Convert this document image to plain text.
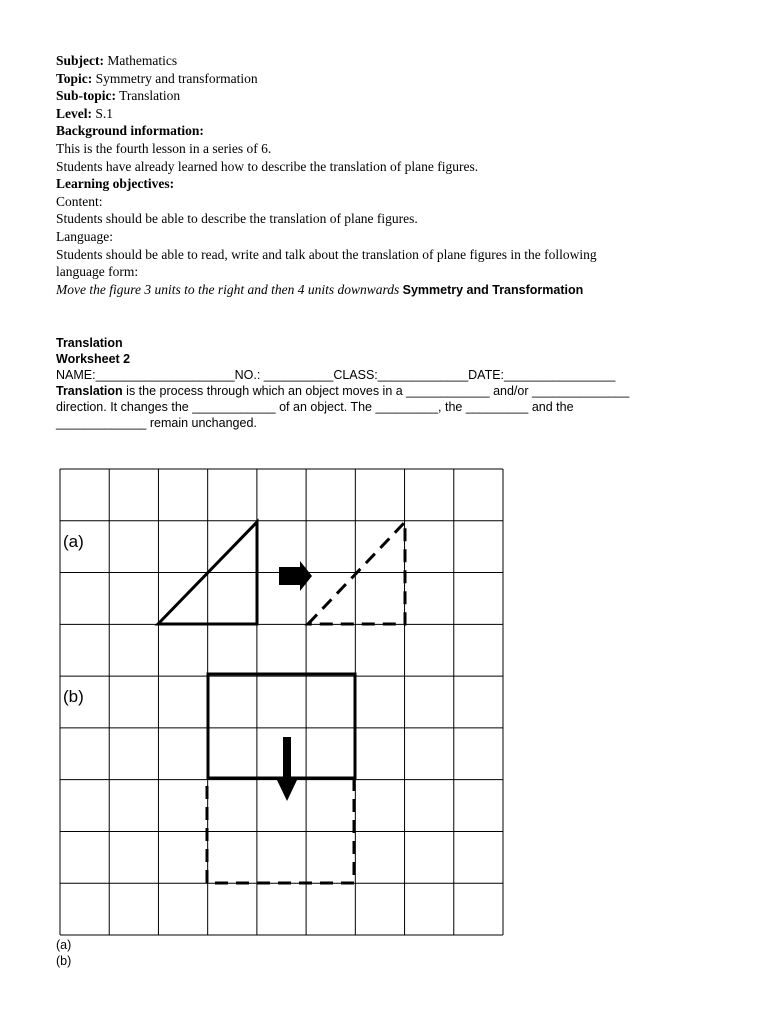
Subject: Mathematics
Topic: Symmetry and transformation
Sub-topic: Translation
Level: S.1
Background information:
This is the fourth lesson in a series of 6.
Students have already learned how to describe the translation of plane figures.
Learning objectives:
Content:
Students should be able to describe the translation of plane figures.
Language:
Students should be able to read, write and talk about the translation of plane figures in the following
language form:
Move the figure 3 units to the right and then 4 units downwards Symmetry and Transformation
Translation
Worksheet 2
NAME:____________________NO.: __________CLASS:_____________DATE:________________
Translation is the process through which an object moves in a ____________ and/or ______________
direction. It changes the ____________ of an object. The _________, the _________ and the
_____________ remain unchanged.
(a)
(b)
(a)
(b)
